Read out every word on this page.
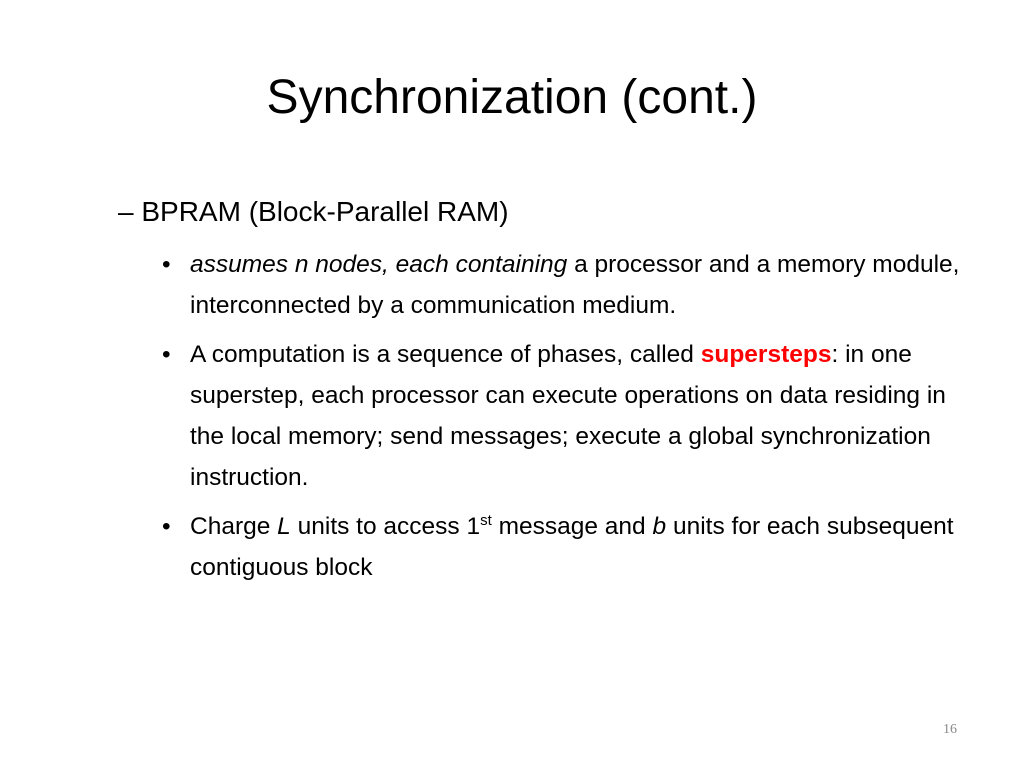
Synchronization (cont.)
– BPRAM (Block-Parallel RAM)
• assumes n nodes, each containing a processor and a memory module, interconnected by a communication medium.
• A computation is a sequence of phases, called supersteps: in one superstep, each processor can execute operations on data residing in the local memory; send messages; execute a global synchronization instruction.
• Charge L units to access 1st message and b units for each subsequent contiguous block
16
